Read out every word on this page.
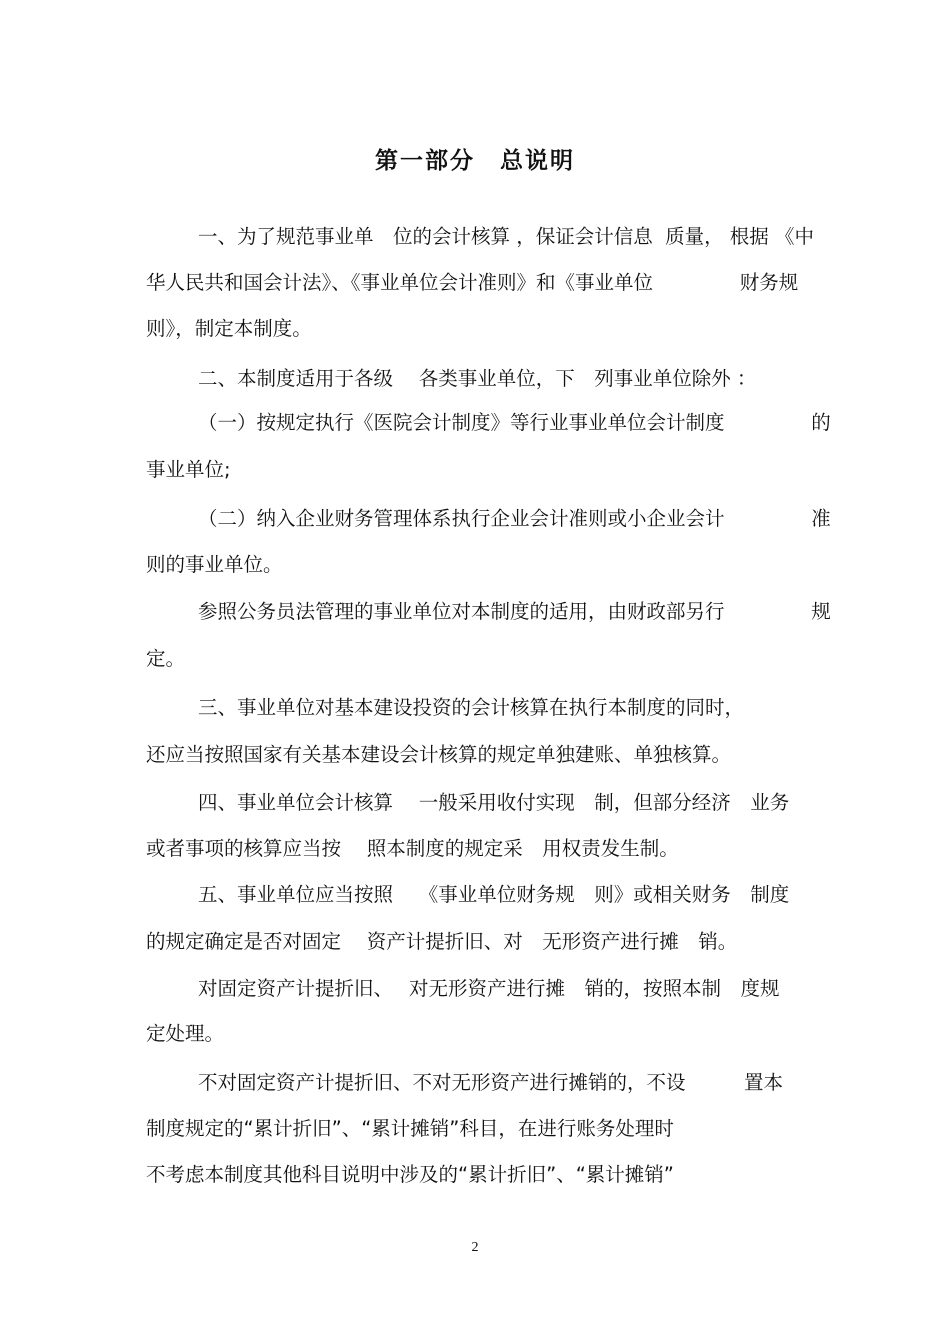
第一部分　总说明
一、为了规范事业单　位的会计核算 ，保证会计信息  质量， 根据 《中
华人民共和国会计法》、《事业单位会计准则》和《事业单位              财务规
则》，制定本制度。
二、本制度适用于各级　 各类事业单位，下　列事业单位除外 ：
（一）按规定执行《医院会计制度》等行业事业单位会计制度              的
事业单位;
（二）纳入企业财务管理体系执行企业会计准则或小企业会计              准
则的事业单位。
参照公务员法管理的事业单位对本制度的适用，由财政部另行              规
定。
三、事业单位对基本建设投资的会计核算在执行本制度的同时，
还应当按照国家有关基本建设会计核算的规定单独建账、单独核算。
四、事业单位会计核算　 一般采用收付实现　制，但部分经济　业务
或者事项的核算应当按　 照本制度的规定采　用权责发生制。
五、事业单位应当按照　 《事业单位财务规　则》或相关财务　制度
的规定确定是否对固定　 资产计提折旧、对　无形资产进行摊　销。
对固定资产计提折旧、　 对无形资产进行摊　销的，按照本制　度规
定处理。
不对固定资产计提折旧、不对无形资产进行摊销的，不设　　　置本
制度规定的“累计折旧”、“累计摊销”科目，在进行账务处理时
不考虑本制度其他科目说明中涉及的“累计折旧”、“累计摊销”
2
